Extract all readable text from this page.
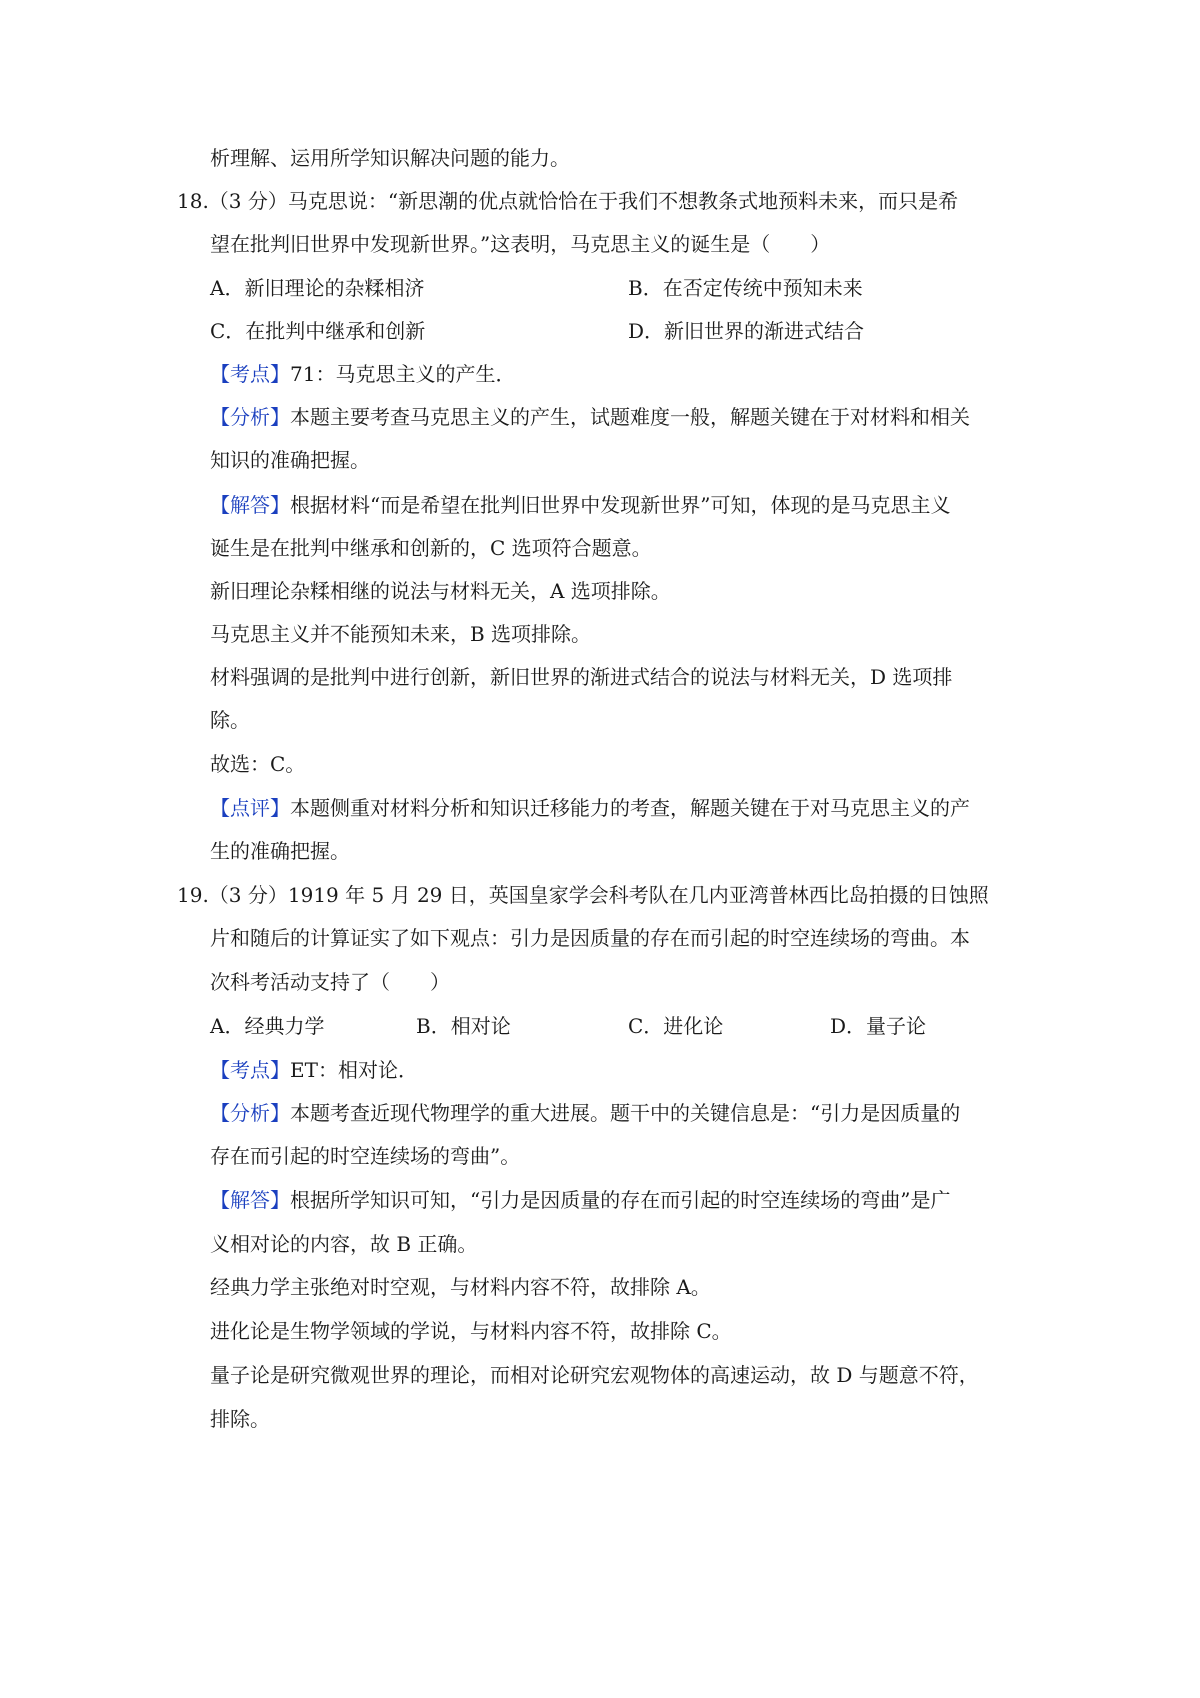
析理解、运用所学知识解决问题的能力。
18.（3 分）马克思说：“新思潮的优点就恰恰在于我们不想教条式地预料未来，而只是希
望在批判旧世界中发现新世界。”这表明，马克思主义的诞生是（　　）
A．新旧理论的杂糅相济	B．在否定传统中预知未来
C．在批判中继承和创新	D．新旧世界的渐进式结合
【考点】71：马克思主义的产生．
【分析】本题主要考查马克思主义的产生，试题难度一般，解题关键在于对材料和相关
知识的准确把握。
【解答】根据材料“而是希望在批判旧世界中发现新世界”可知，体现的是马克思主义
诞生是在批判中继承和创新的，C 选项符合题意。
新旧理论杂糅相继的说法与材料无关，A 选项排除。
马克思主义并不能预知未来，B 选项排除。
材料强调的是批判中进行创新，新旧世界的渐进式结合的说法与材料无关，D 选项排
除。
故选：C。
【点评】本题侧重对材料分析和知识迁移能力的考查，解题关键在于对马克思主义的产
生的准确把握。
19.（3 分）1919 年 5 月 29 日，英国皇家学会科考队在几内亚湾普林西比岛拍摄的日蚀照
片和随后的计算证实了如下观点：引力是因质量的存在而引起的时空连续场的弯曲。本
次科考活动支持了（　　）
A．经典力学	B．相对论	C．进化论	D．量子论
【考点】ET：相对论．
【分析】本题考查近现代物理学的重大进展。题干中的关键信息是：“引力是因质量的
存在而引起的时空连续场的弯曲”。
【解答】根据所学知识可知，“引力是因质量的存在而引起的时空连续场的弯曲”是广
义相对论的内容，故 B 正确。
经典力学主张绝对时空观，与材料内容不符，故排除 A。
进化论是生物学领域的学说，与材料内容不符，故排除 C。
量子论是研究微观世界的理论，而相对论研究宏观物体的高速运动，故 D 与题意不符，
排除。
